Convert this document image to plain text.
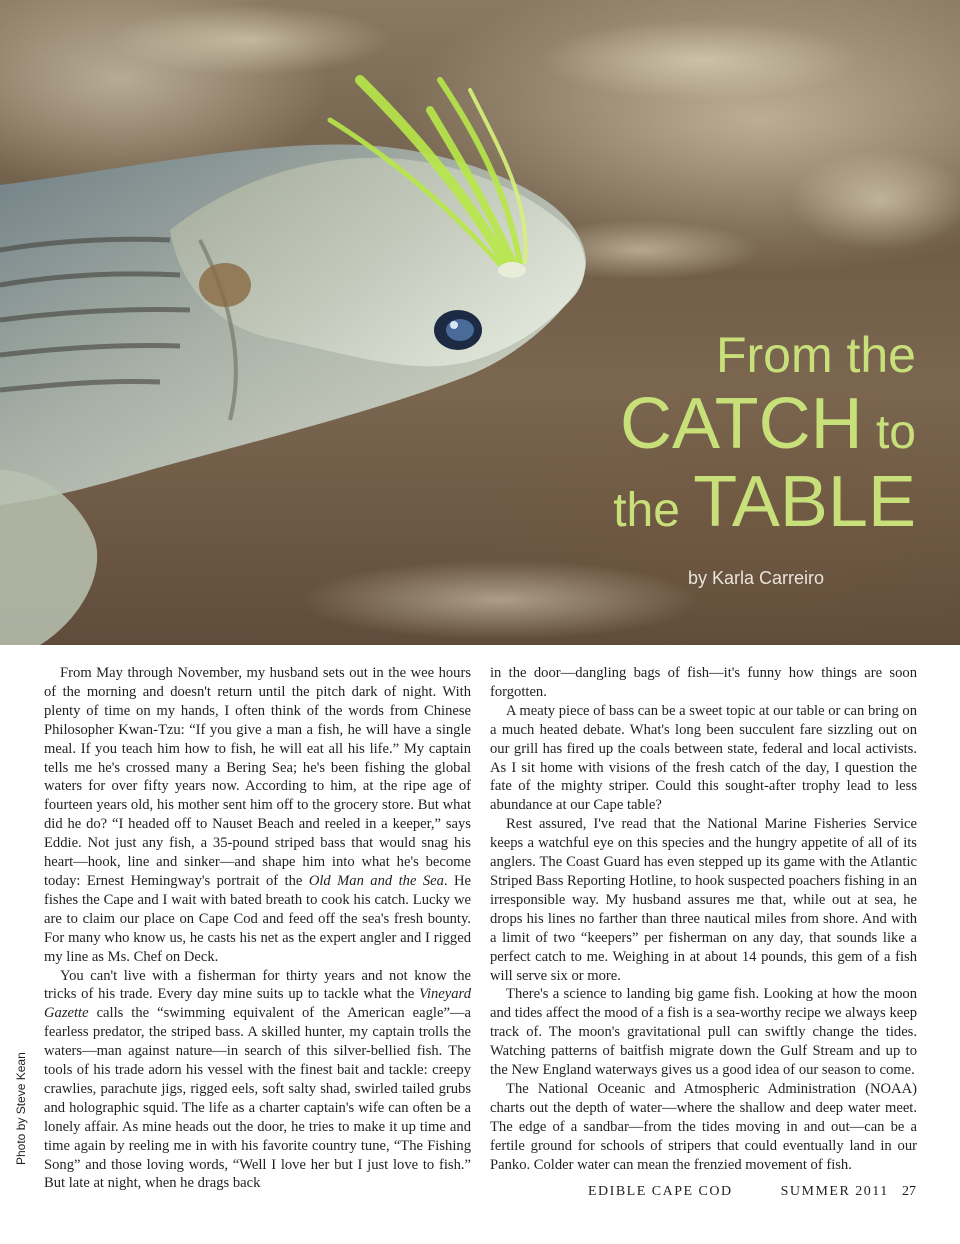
From the
CATCH to
the TABLE
by Karla Carreiro
Photo by Steve Kean

From May through November, my husband sets out in the wee hours of the morning and doesn't return until the pitch dark of night. With plenty of time on my hands, I often think of the words from Chinese Philosopher Kwan-Tzu: “If you give a man a fish, he will have a single meal. If you teach him how to fish, he will eat all his life.” My captain tells me he's crossed many a Bering Sea; he's been fishing the global waters for over fifty years now. According to him, at the ripe age of fourteen years old, his mother sent him off to the grocery store. But what did he do? “I headed off to Nauset Beach and reeled in a keeper,” says Eddie. Not just any fish, a 35-pound striped bass that would snag his heart—hook, line and sinker—and shape him into what he's become today: Ernest Hemingway's portrait of the Old Man and the Sea. He fishes the Cape and I wait with bated breath to cook his catch. Lucky we are to claim our place on Cape Cod and feed off the sea's fresh bounty. For many who know us, he casts his net as the expert angler and I rigged my line as Ms. Chef on Deck.

You can't live with a fisherman for thirty years and not know the tricks of his trade. Every day mine suits up to tackle what the Vineyard Gazette calls the “swimming equivalent of the American eagle”—a fearless predator, the striped bass. A skilled hunter, my captain trolls the waters—man against nature—in search of this silver-bellied fish. The tools of his trade adorn his vessel with the finest bait and tackle: creepy crawlies, parachute jigs, rigged eels, soft salty shad, swirled tailed grubs and holographic squid. The life as a charter captain's wife can often be a lonely affair. As mine heads out the door, he tries to make it up time and time again by reeling me in with his favorite country tune, “The Fishing Song” and those loving words, “Well I love her but I just love to fish.” But late at night, when he drags back

in the door—dangling bags of fish—it's funny how things are soon forgotten.

A meaty piece of bass can be a sweet topic at our table or can bring on a much heated debate. What's long been succulent fare sizzling out on our grill has fired up the coals between state, federal and local activists. As I sit home with visions of the fresh catch of the day, I question the fate of the mighty striper. Could this sought-after trophy lead to less abundance at our Cape table?

Rest assured, I've read that the National Marine Fisheries Service keeps a watchful eye on this species and the hungry appetite of all of its anglers. The Coast Guard has even stepped up its game with the Atlantic Striped Bass Reporting Hotline, to hook suspected poachers fishing in an irresponsible way. My husband assures me that, while out at sea, he drops his lines no farther than three nautical miles from shore. And with a limit of two “keepers” per fisherman on any day, that sounds like a perfect catch to me. Weighing in at about 14 pounds, this gem of a fish will serve six or more.

There's a science to landing big game fish. Looking at how the moon and tides affect the mood of a fish is a sea-worthy recipe we always keep track of. The moon's gravitational pull can swiftly change the tides. Watching patterns of baitfish migrate down the Gulf Stream and up to the New England waterways gives us a good idea of our season to come.

The National Oceanic and Atmospheric Administration (NOAA) charts out the depth of water—where the shallow and deep water meet. The edge of a sandbar—from the tides moving in and out—can be a fertile ground for schools of stripers that could eventually land in our Panko. Colder water can mean the frenzied movement of fish.

EDIBLE CAPE COD	SUMMER 2011 27
